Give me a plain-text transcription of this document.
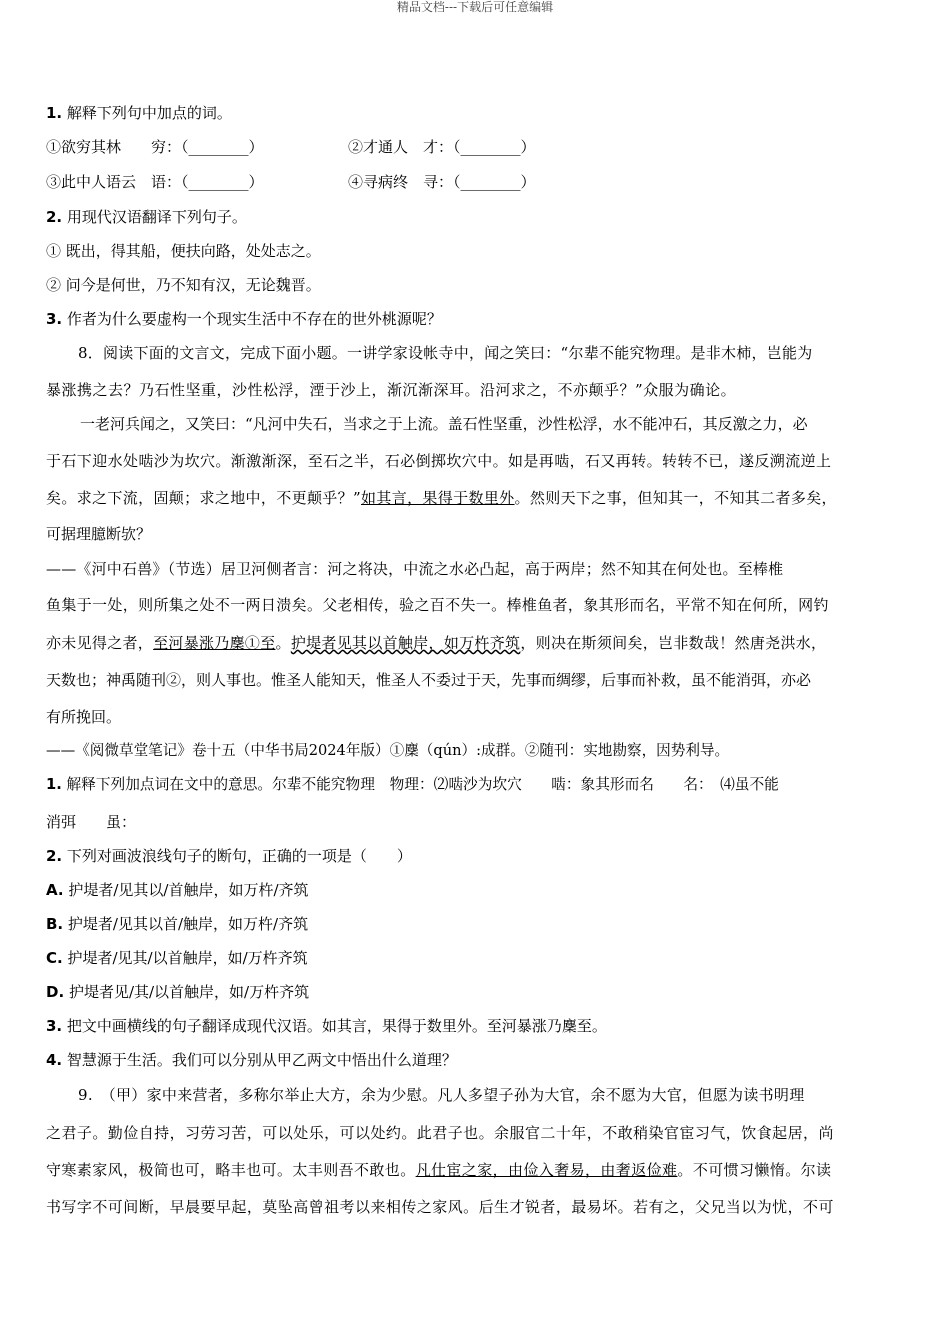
精品文档---下载后可任意编辑
1. 解释下列句中加点的词。
①欲穷其林　　穷：（________）	②才通人　才：（________）
③此中人语云　语：（________）	④寻病终　寻：（________）
2. 用现代汉语翻译下列句子。
① 既出，得其船，便扶向路，处处志之。
② 问今是何世，乃不知有汉，无论魏晋。
3. 作者为什么要虚构一个现实生活中不存在的世外桃源呢？
8．阅读下面的文言文，完成下面小题。一讲学家设帐寺中，闻之笑曰：“尔辈不能究物理。是非木柿，岂能为
暴涨携之去？乃石性坚重，沙性松浮，湮于沙上，渐沉渐深耳。沿河求之，不亦颠乎？”众服为确论。
一老河兵闻之，又笑曰：“凡河中失石，当求之于上流。盖石性坚重，沙性松浮，水不能冲石，其反激之力，必
于石下迎水处啮沙为坎穴。渐激渐深，至石之半，石必倒掷坎穴中。如是再啮，石又再转。转转不已，遂反溯流逆上
矣。求之下流，固颠；求之地中，不更颠乎？”如其言，果得于数里外。然则天下之事，但知其一，不知其二者多矣，
可据理臆断欤？
——《河中石兽》（节选）居卫河侧者言：河之将决，中流之水必凸起，高于两岸；然不知其在何处也。至棒椎
鱼集于一处，则所集之处不一两日溃矣。父老相传，验之百不失一。棒椎鱼者，象其形而名，平常不知在何所，网钓
亦未见得之者，至河暴涨乃麇①至。护堤者见其以首触岸，如万杵齐筑，则决在斯须间矣，岂非数哉！然唐尧洪水，
天数也；神禹随刊②，则人事也。惟圣人能知天，惟圣人不委过于天，先事而绸缪，后事而补救，虽不能消弭，亦必
有所挽回。
——《阅微草堂笔记》卷十五（中华书局2024年版）①麇（qún）:成群。②随刊：实地勘察，因势利导。
1. 解释下列加点词在文中的意思。尔辈不能究物理　物理：⑵啮沙为坎穴　　啮：象其形而名　　名：　⑷虽不能
消弭　　虽：
2. 下列对画波浪线句子的断句，正确的一项是（　　）
A. 护堤者/见其以/首触岸，如万杵/齐筑
B. 护堤者/见其以首/触岸，如万杵/齐筑
C. 护堤者/见其/以首触岸，如/万杵齐筑
D. 护堤者见/其/以首触岸，如/万杵齐筑
3. 把文中画横线的句子翻译成现代汉语。如其言，果得于数里外。至河暴涨乃麇至。
4. 智慧源于生活。我们可以分别从甲乙两文中悟出什么道理？
9.　（甲）家中来营者，多称尔举止大方，余为少慰。凡人多望子孙为大官，余不愿为大官，但愿为读书明理
之君子。勤俭自持，习劳习苦，可以处乐，可以处约。此君子也。余服官二十年，不敢稍染官宦习气，饮食起居，尚
守寒素家风，极简也可，略丰也可。太丰则吾不敢也。凡仕宦之家，由俭入奢易，由奢返俭难。不可惯习懒惰。尔读
书写字不可间断，早晨要早起，莫坠高曾祖考以来相传之家风。后生才锐者，最易坏。若有之，父兄当以为忧，不可
